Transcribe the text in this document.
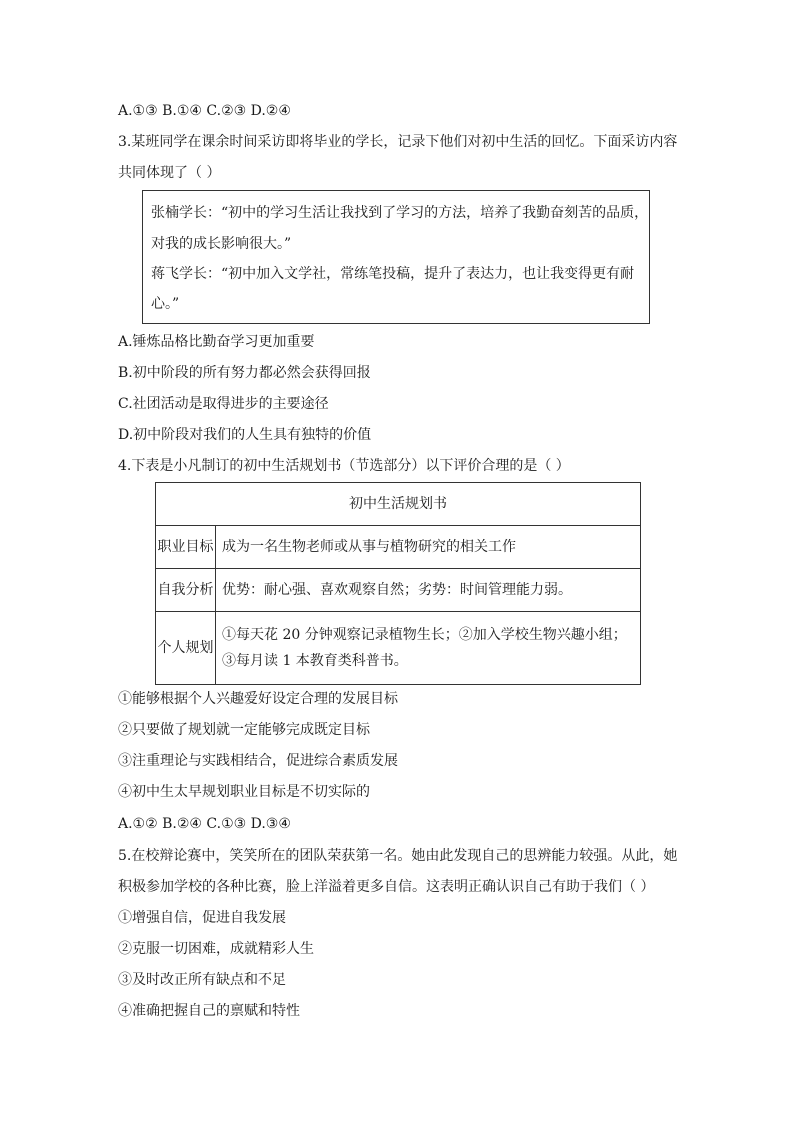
A.①③ B.①④ C.②③ D.②④
3.某班同学在课余时间采访即将毕业的学长，记录下他们对初中生活的回忆。下面采访内容
共同体现了（ ）
张楠学长：“初中的学习生活让我找到了学习的方法，培养了我勤奋刻苦的品质，
对我的成长影响很大。”
蒋飞学长：“初中加入文学社，常练笔投稿，提升了表达力，也让我变得更有耐
心。”
A.锤炼品格比勤奋学习更加重要
B.初中阶段的所有努力都必然会获得回报
C.社团活动是取得进步的主要途径
D.初中阶段对我们的人生具有独特的价值
4.下表是小凡制订的初中生活规划书（节选部分）以下评价合理的是（ ）
初中生活规划书	
职业目标	成为一名生物老师或从事与植物研究的相关工作
自我分析	优势：耐心强、喜欢观察自然；劣势：时间管理能力弱。
个人规划	①每天花 20 分钟观察记录植物生长；②加入学校生物兴趣小组；
③每月读 1 本教育类科普书。
①能够根据个人兴趣爱好设定合理的发展目标
②只要做了规划就一定能够完成既定目标
③注重理论与实践相结合，促进综合素质发展
④初中生太早规划职业目标是不切实际的
A.①② B.②④ C.①③ D.③④
5.在校辩论赛中，笑笑所在的团队荣获第一名。她由此发现自己的思辨能力较强。从此，她
积极参加学校的各种比赛，脸上洋溢着更多自信。这表明正确认识自己有助于我们（ ）
①增强自信，促进自我发展
②克服一切困难，成就精彩人生
③及时改正所有缺点和不足
④准确把握自己的禀赋和特性
